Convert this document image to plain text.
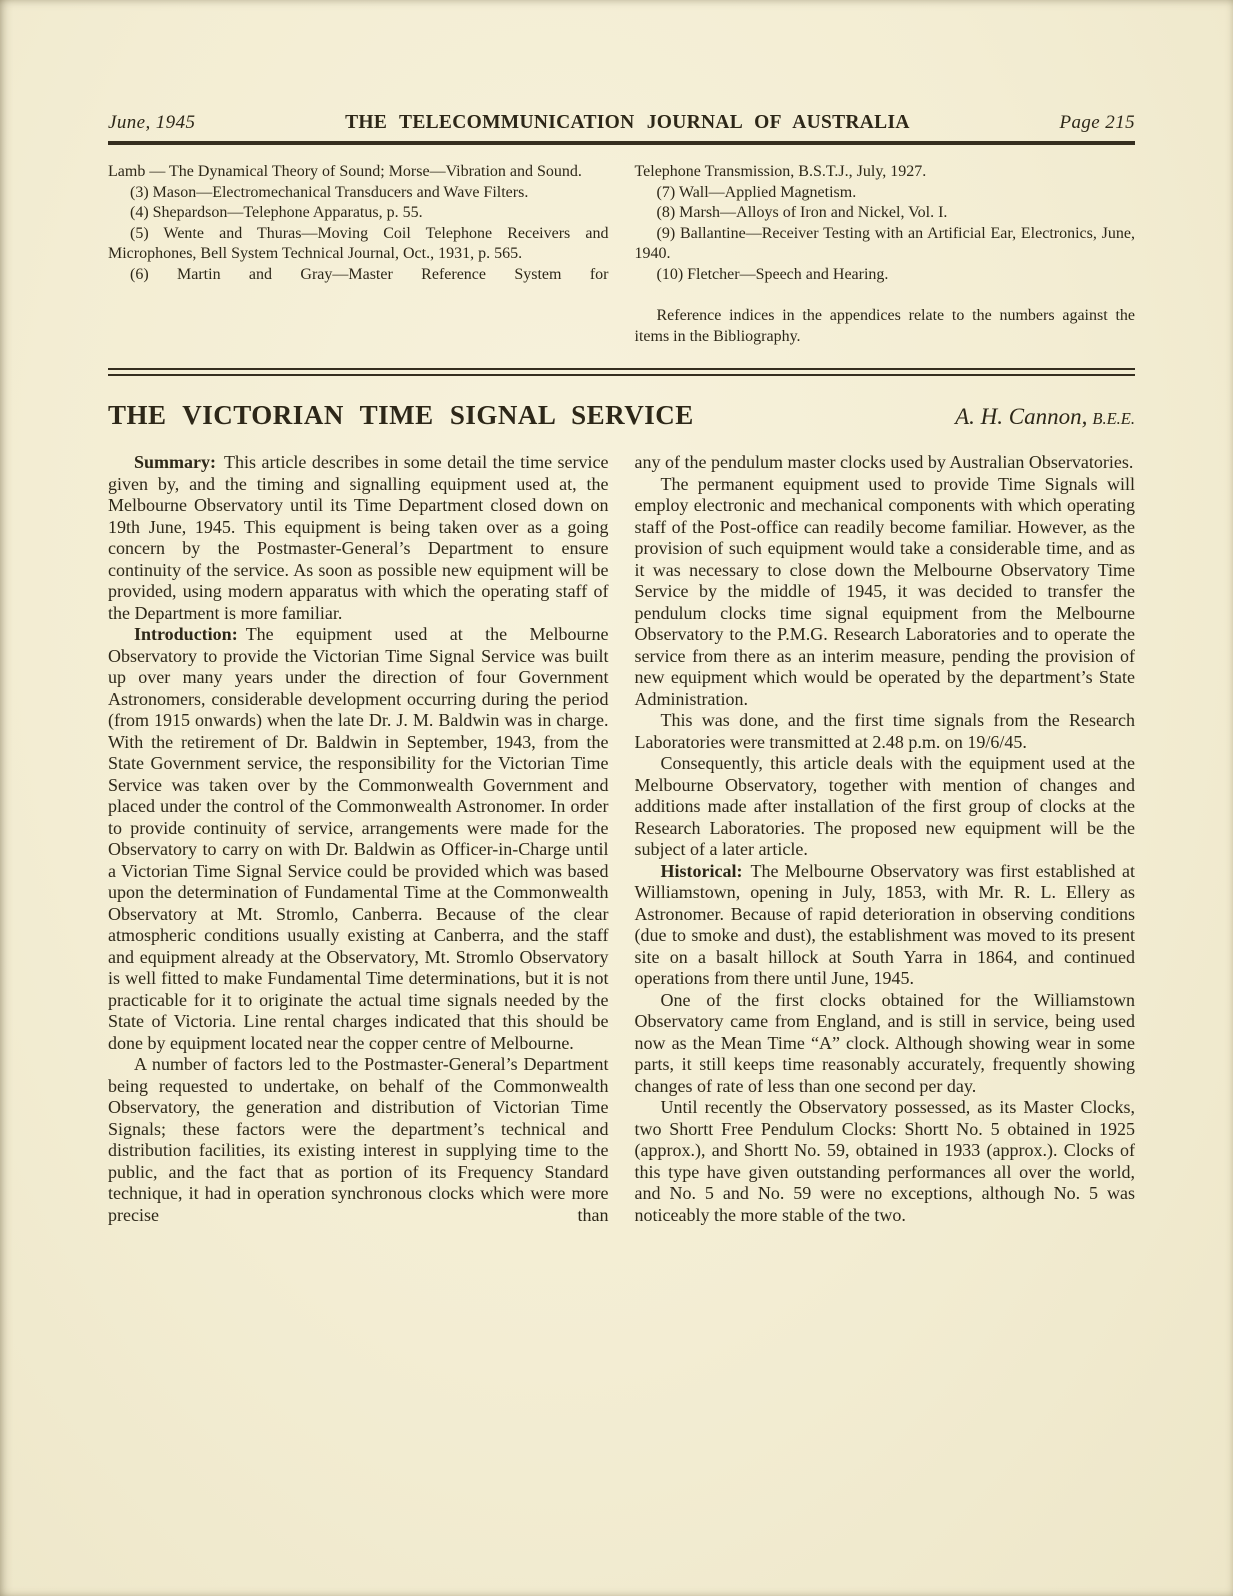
June, 1945	THE TELECOMMUNICATION JOURNAL OF AUSTRALIA	Page 215

Lamb — The Dynamical Theory of Sound; Morse—Vibration and Sound.

(3) Mason—Electromechanical Transducers and Wave Filters.

(4) Shepardson—Telephone Apparatus, p. 55.

(5) Wente and Thuras—Moving Coil Telephone Receivers and Microphones, Bell System Technical Journal, Oct., 1931, p. 565.

(6) Martin and Gray—Master Reference System for

Telephone Transmission, B.S.T.J., July, 1927.

(7) Wall—Applied Magnetism.

(8) Marsh—Alloys of Iron and Nickel, Vol. I.

(9) Ballantine—Receiver Testing with an Artificial Ear, Electronics, June, 1940.

(10) Fletcher—Speech and Hearing.

Reference indices in the appendices relate to the numbers against the items in the Bibliography.

THE VICTORIAN TIME SIGNAL SERVICE	A. H. Cannon, B.E.E.

Summary: This article describes in some detail the time service given by, and the timing and signalling equipment used at, the Melbourne Observatory until its Time Department closed down on 19th June, 1945. This equipment is being taken over as a going concern by the Postmaster-General’s Department to ensure continuity of the service. As soon as possible new equipment will be provided, using modern apparatus with which the operating staff of the Department is more familiar.

Introduction: The equipment used at the Melbourne Observatory to provide the Victorian Time Signal Service was built up over many years under the direction of four Government Astronomers, considerable development occurring during the period (from 1915 onwards) when the late Dr. J. M. Baldwin was in charge. With the retirement of Dr. Baldwin in September, 1943, from the State Government service, the responsibility for the Victorian Time Service was taken over by the Commonwealth Government and placed under the control of the Commonwealth Astronomer. In order to provide continuity of service, arrangements were made for the Observatory to carry on with Dr. Baldwin as Officer-in-Charge until a Victorian Time Signal Service could be provided which was based upon the determination of Fundamental Time at the Commonwealth Observatory at Mt. Stromlo, Canberra. Because of the clear atmospheric conditions usually existing at Canberra, and the staff and equipment already at the Observatory, Mt. Stromlo Observatory is well fitted to make Fundamental Time determinations, but it is not practicable for it to originate the actual time signals needed by the State of Victoria. Line rental charges indicated that this should be done by equipment located near the copper centre of Melbourne.

A number of factors led to the Postmaster-General’s Department being requested to undertake, on behalf of the Commonwealth Observatory, the generation and distribution of Victorian Time Signals; these factors were the department’s technical and distribution facilities, its existing interest in supplying time to the public, and the fact that as portion of its Frequency Standard technique, it had in operation synchronous clocks which were more precise than

any of the pendulum master clocks used by Australian Observatories.

The permanent equipment used to provide Time Signals will employ electronic and mechanical components with which operating staff of the Post-office can readily become familiar. However, as the provision of such equipment would take a considerable time, and as it was necessary to close down the Melbourne Observatory Time Service by the middle of 1945, it was decided to transfer the pendulum clocks time signal equipment from the Melbourne Observatory to the P.M.G. Research Laboratories and to operate the service from there as an interim measure, pending the provision of new equipment which would be operated by the department’s State Administration.

This was done, and the first time signals from the Research Laboratories were transmitted at 2.48 p.m. on 19/6/45.

Consequently, this article deals with the equipment used at the Melbourne Observatory, together with mention of changes and additions made after installation of the first group of clocks at the Research Laboratories. The proposed new equipment will be the subject of a later article.

Historical: The Melbourne Observatory was first established at Williamstown, opening in July, 1853, with Mr. R. L. Ellery as Astronomer. Because of rapid deterioration in observing conditions (due to smoke and dust), the establishment was moved to its present site on a basalt hillock at South Yarra in 1864, and continued operations from there until June, 1945.

One of the first clocks obtained for the Williamstown Observatory came from England, and is still in service, being used now as the Mean Time “A” clock. Although showing wear in some parts, it still keeps time reasonably accurately, frequently showing changes of rate of less than one second per day.

Until recently the Observatory possessed, as its Master Clocks, two Shortt Free Pendulum Clocks: Shortt No. 5 obtained in 1925 (approx.), and Shortt No. 59, obtained in 1933 (approx.). Clocks of this type have given outstanding performances all over the world, and No. 5 and No. 59 were no exceptions, although No. 5 was noticeably the more stable of the two.
